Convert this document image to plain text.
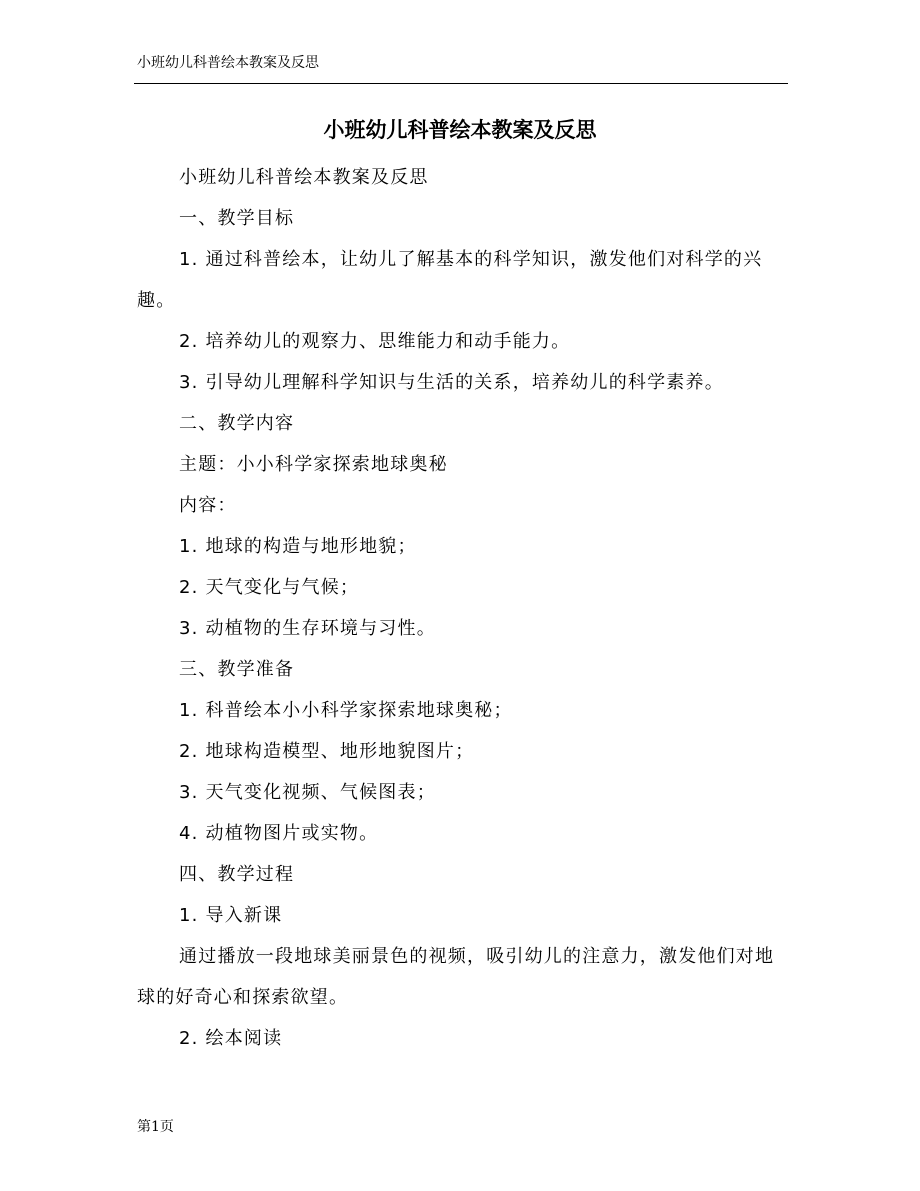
小班幼儿科普绘本教案及反思
小班幼儿科普绘本教案及反思

小班幼儿科普绘本教案及反思

一、教学目标

1. 通过科普绘本，让幼儿了解基本的科学知识，激发他们对科学的兴趣。

2. 培养幼儿的观察力、思维能力和动手能力。

3. 引导幼儿理解科学知识与生活的关系，培养幼儿的科学素养。

二、教学内容

主题：小小科学家探索地球奥秘

内容：

1. 地球的构造与地形地貌；

2. 天气变化与气候；

3. 动植物的生存环境与习性。

三、教学准备

1. 科普绘本小小科学家探索地球奥秘；

2. 地球构造模型、地形地貌图片；

3. 天气变化视频、气候图表；

4. 动植物图片或实物。

四、教学过程

1. 导入新课

通过播放一段地球美丽景色的视频，吸引幼儿的注意力，激发他们对地球的好奇心和探索欲望。

2. 绘本阅读

第1页
